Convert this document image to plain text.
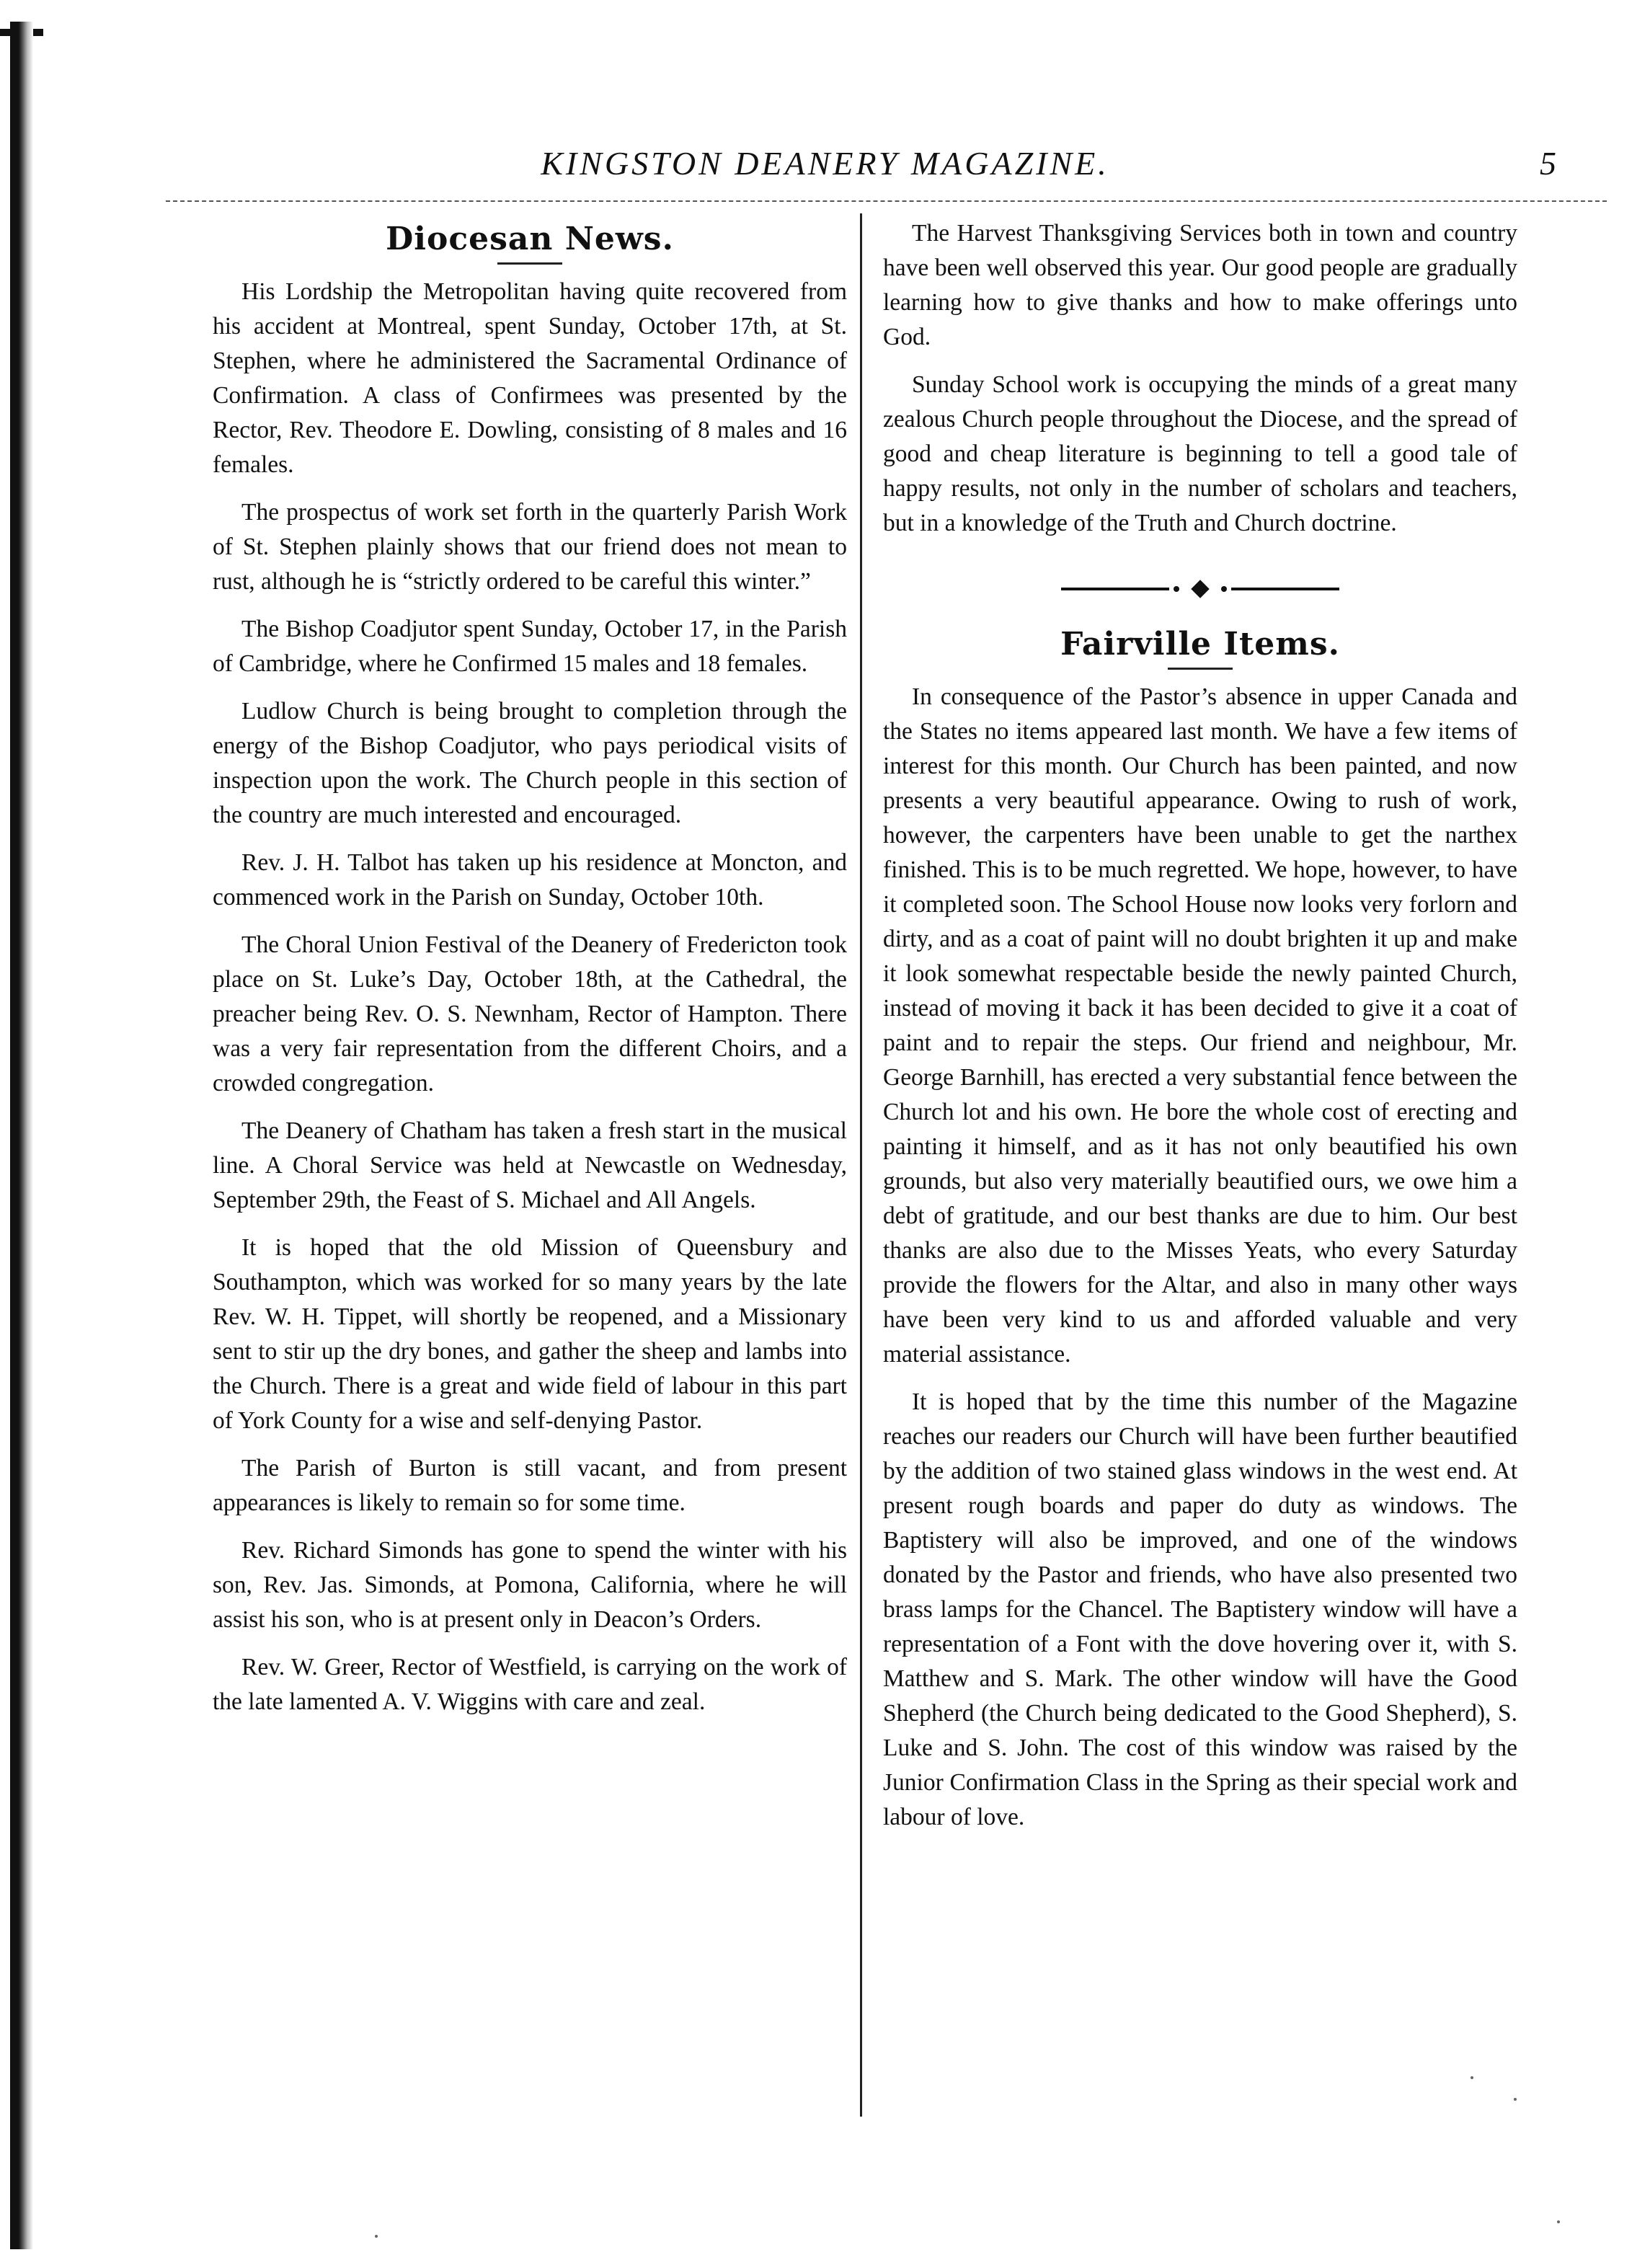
KINGSTON DEANERY MAGAZINE.	5
Diocesan News.

His Lordship the Metropolitan having quite recovered from his accident at Montreal, spent Sunday, October 17th, at St. Stephen, where he administered the Sacramental Ordinance of Confirmation. A class of Confirmees was presented by the Rector, Rev. Theodore E. Dowling, consisting of 8 males and 16 females.

The prospectus of work set forth in the quarterly Parish Work of St. Stephen plainly shows that our friend does not mean to rust, although he is “strictly ordered to be careful this winter.”

The Bishop Coadjutor spent Sunday, October 17, in the Parish of Cambridge, where he Confirmed 15 males and 18 females.

Ludlow Church is being brought to completion through the energy of the Bishop Coadjutor, who pays periodical visits of inspection upon the work. The Church people in this section of the country are much interested and encouraged.

Rev. J. H. Talbot has taken up his residence at Moncton, and commenced work in the Parish on Sunday, October 10th.

The Choral Union Festival of the Deanery of Fredericton took place on St. Luke’s Day, October 18th, at the Cathedral, the preacher being Rev. O. S. Newnham, Rector of Hampton. There was a very fair representation from the different Choirs, and a crowded congregation.

The Deanery of Chatham has taken a fresh start in the musical line. A Choral Service was held at Newcastle on Wednesday, September 29th, the Feast of S. Michael and All Angels.

It is hoped that the old Mission of Queensbury and Southampton, which was worked for so many years by the late Rev. W. H. Tippet, will shortly be reopened, and a Missionary sent to stir up the dry bones, and gather the sheep and lambs into the Church. There is a great and wide field of labour in this part of York County for a wise and self-denying Pastor.

The Parish of Burton is still vacant, and from present appearances is likely to remain so for some time.

Rev. Richard Simonds has gone to spend the winter with his son, Rev. Jas. Simonds, at Pomona, California, where he will assist his son, who is at present only in Deacon’s Orders.

Rev. W. Greer, Rector of Westfield, is carrying on the work of the late lamented A. V. Wiggins with care and zeal.

The Harvest Thanksgiving Services both in town and country have been well observed this year. Our good people are gradually learning how to give thanks and how to make offerings unto God.

Sunday School work is occupying the minds of a great many zealous Church people throughout the Diocese, and the spread of good and cheap literature is beginning to tell a good tale of happy results, not only in the number of scholars and teachers, but in a knowledge of the Truth and Church doctrine.

Fairville Items.

In consequence of the Pastor’s absence in upper Canada and the States no items appeared last month. We have a few items of interest for this month. Our Church has been painted, and now presents a very beautiful appearance. Owing to rush of work, however, the carpenters have been unable to get the narthex finished. This is to be much regretted. We hope, however, to have it completed soon. The School House now looks very forlorn and dirty, and as a coat of paint will no doubt brighten it up and make it look somewhat respectable beside the newly painted Church, instead of moving it back it has been decided to give it a coat of paint and to repair the steps. Our friend and neighbour, Mr. George Barnhill, has erected a very substantial fence between the Church lot and his own. He bore the whole cost of erecting and painting it himself, and as it has not only beautified his own grounds, but also very materially beautified ours, we owe him a debt of gratitude, and our best thanks are due to him. Our best thanks are also due to the Misses Yeats, who every Saturday provide the flowers for the Altar, and also in many other ways have been very kind to us and afforded valuable and very material assistance.

It is hoped that by the time this number of the Magazine reaches our readers our Church will have been further beautified by the addition of two stained glass windows in the west end. At present rough boards and paper do duty as windows. The Baptistery will also be improved, and one of the windows donated by the Pastor and friends, who have also presented two brass lamps for the Chancel. The Baptistery window will have a representation of a Font with the dove hovering over it, with S. Matthew and S. Mark. The other window will have the Good Shepherd (the Church being dedicated to the Good Shepherd), S. Luke and S. John. The cost of this window was raised by the Junior Confirmation Class in the Spring as their special work and labour of love.
